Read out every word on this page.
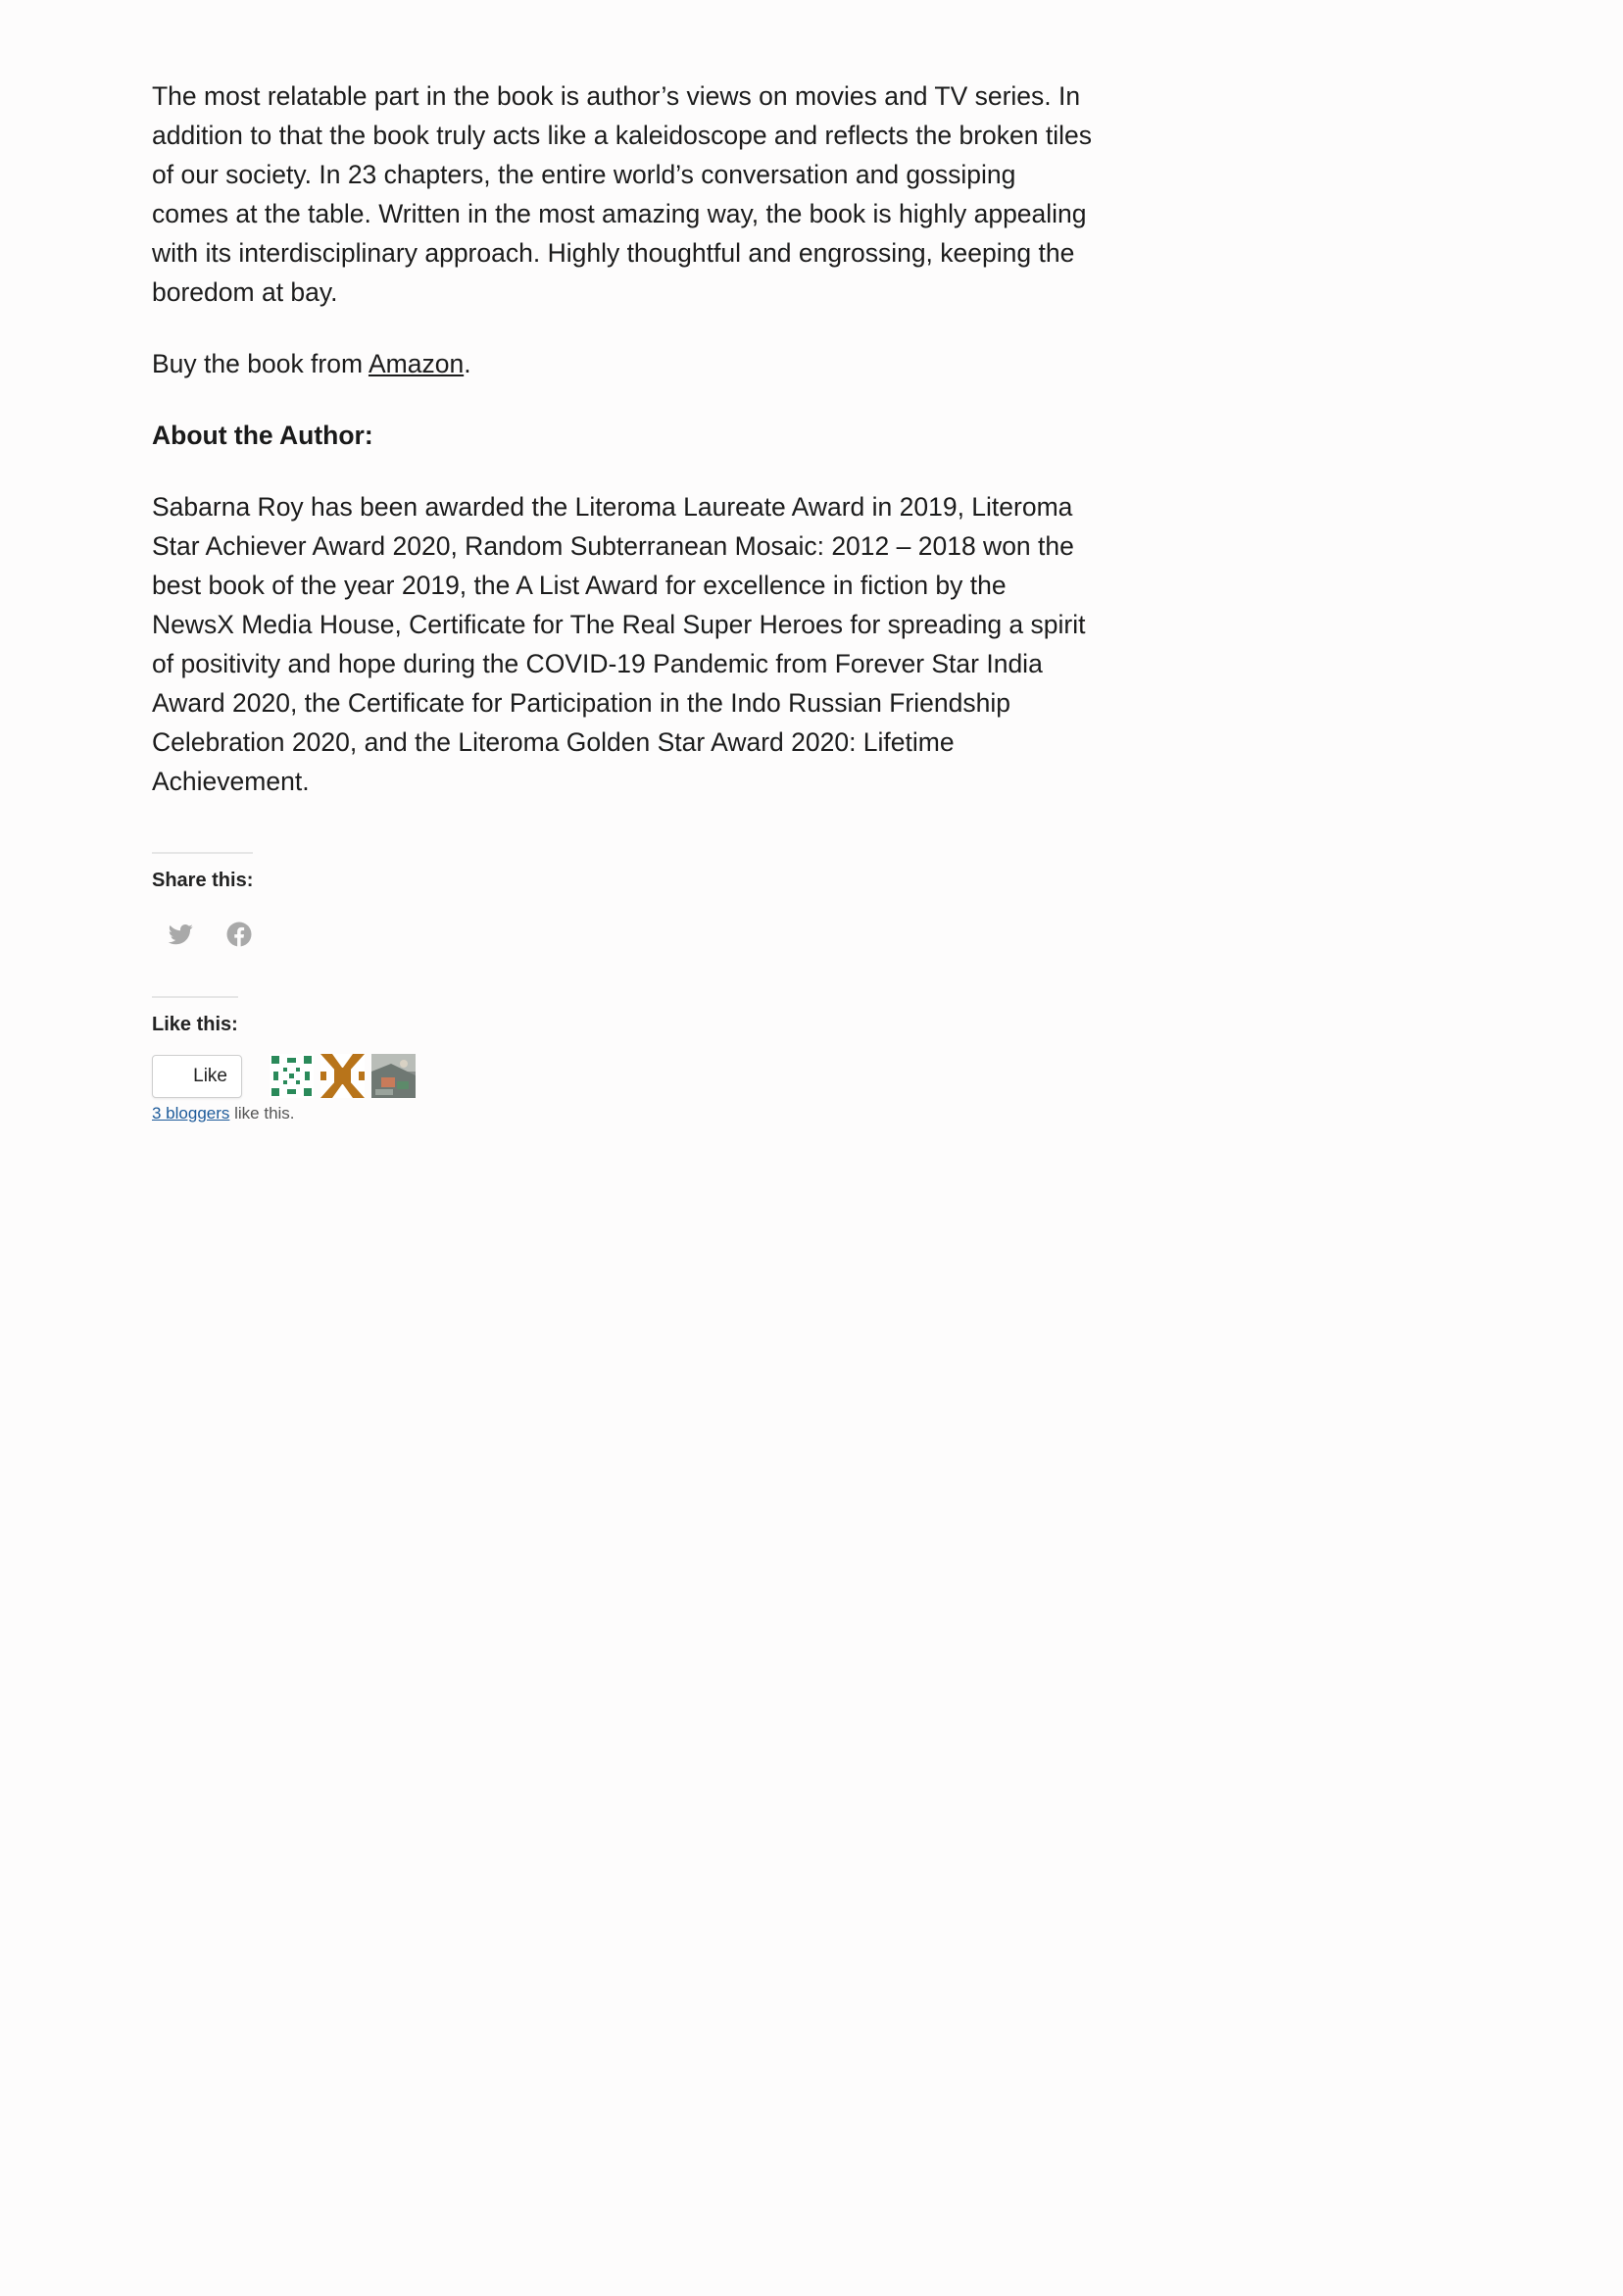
The most relatable part in the book is author’s views on movies and TV series. In addition to that the book truly acts like a kaleidoscope and reflects the broken tiles of our society. In 23 chapters, the entire world’s conversation and gossiping comes at the table. Written in the most amazing way, the book is highly appealing with its interdisciplinary approach. Highly thoughtful and engrossing, keeping the boredom at bay.

Buy the book from Amazon.

About the Author:

Sabarna Roy has been awarded the Literoma Laureate Award in 2019, Literoma Star Achiever Award 2020, Random Subterranean Mosaic: 2012 – 2018 won the best book of the year 2019, the A List Award for excellence in fiction by the NewsX Media House, Certificate for The Real Super Heroes for spreading a spirit of positivity and hope during the COVID-19 Pandemic from Forever Star India Award 2020, the Certificate for Participation in the Indo Russian Friendship Celebration 2020, and the Literoma Golden Star Award 2020: Lifetime Achievement.

Share this:
Like this:
Like
3 bloggers like this.
